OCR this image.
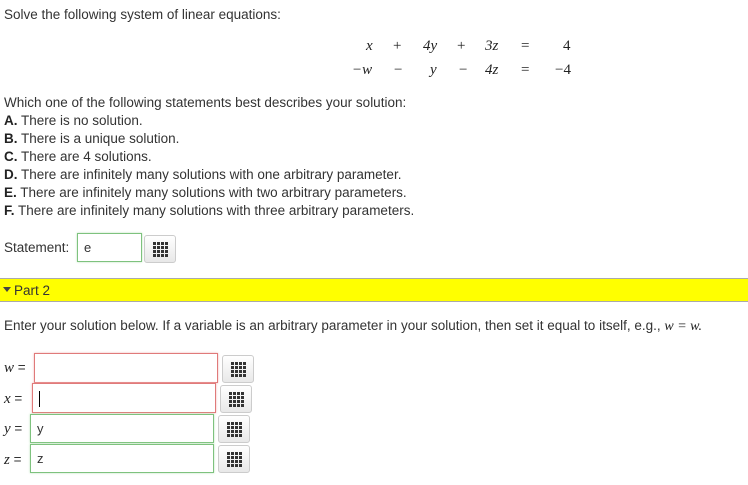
Solve the following system of linear equations:
x + 4y + 3z = 4
−w − y − 4z = −4
Which one of the following statements best describes your solution:
A. There is no solution.
B. There is a unique solution.
C. There are 4 solutions.
D. There are infinitely many solutions with one arbitrary parameter.
E. There are infinitely many solutions with two arbitrary parameters.
F. There are infinitely many solutions with three arbitrary parameters.
Statement:	e
Part 2
Enter your solution below. If a variable is an arbitrary parameter in your solution, then set it equal to itself, e.g., w = w.
w =
x =
y =	y
z =	z
